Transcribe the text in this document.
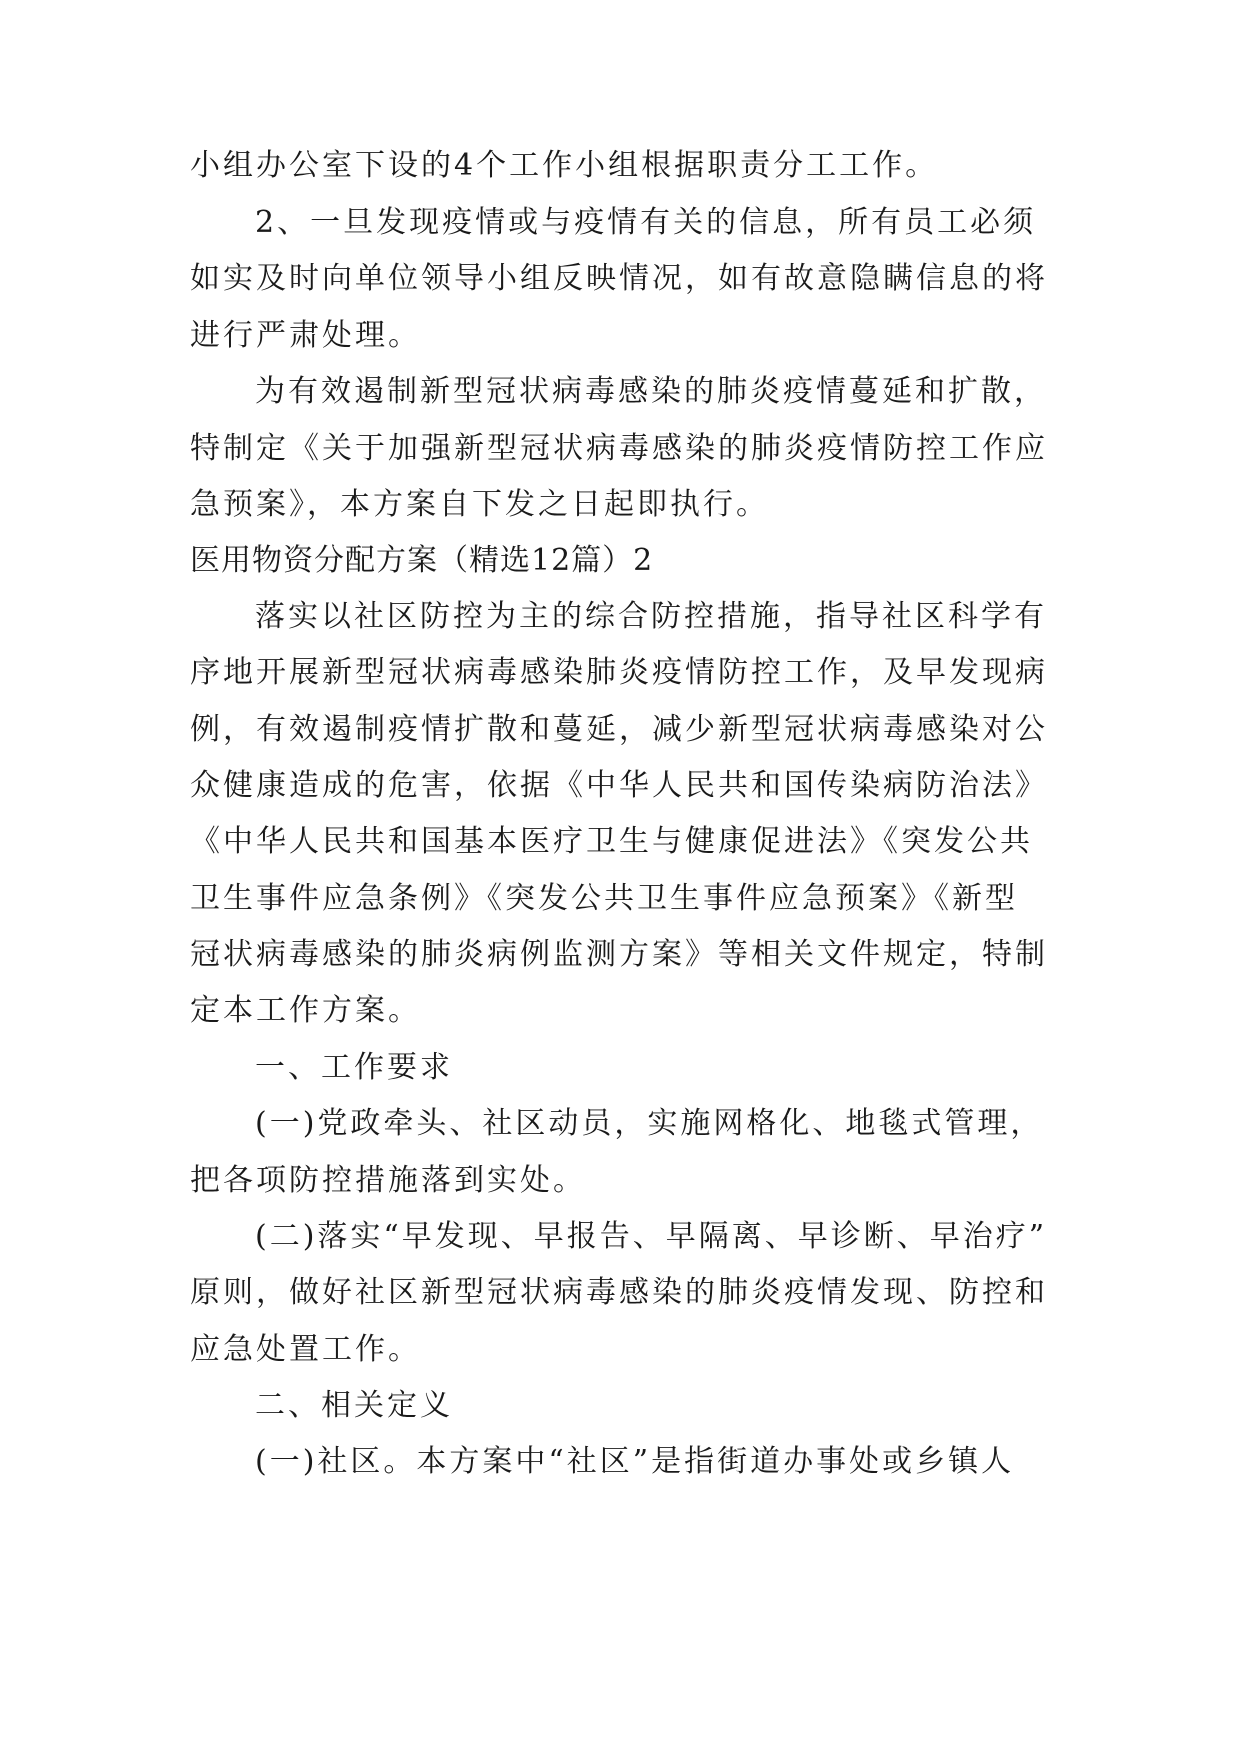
小组办公室下设的4个工作小组根据职责分工工作。
2、一旦发现疫情或与疫情有关的信息，所有员工必须
如实及时向单位领导小组反映情况，如有故意隐瞒信息的将
进行严肃处理。
为有效遏制新型冠状病毒感染的肺炎疫情蔓延和扩散，
特制定《关于加强新型冠状病毒感染的肺炎疫情防控工作应
急预案》，本方案自下发之日起即执行。
医用物资分配方案（精选12篇）2
落实以社区防控为主的综合防控措施，指导社区科学有
序地开展新型冠状病毒感染肺炎疫情防控工作，及早发现病
例，有效遏制疫情扩散和蔓延，减少新型冠状病毒感染对公
众健康造成的危害，依据《中华人民共和国传染病防治法》
《中华人民共和国基本医疗卫生与健康促进法》《突发公共
卫生事件应急条例》《突发公共卫生事件应急预案》《新型
冠状病毒感染的肺炎病例监测方案》等相关文件规定，特制
定本工作方案。
一、工作要求
(一)党政牵头、社区动员，实施网格化、地毯式管理，
把各项防控措施落到实处。
(二)落实“早发现、早报告、早隔离、早诊断、早治疗”
原则，做好社区新型冠状病毒感染的肺炎疫情发现、防控和
应急处置工作。
二、相关定义
(一)社区。本方案中“社区”是指街道办事处或乡镇人
